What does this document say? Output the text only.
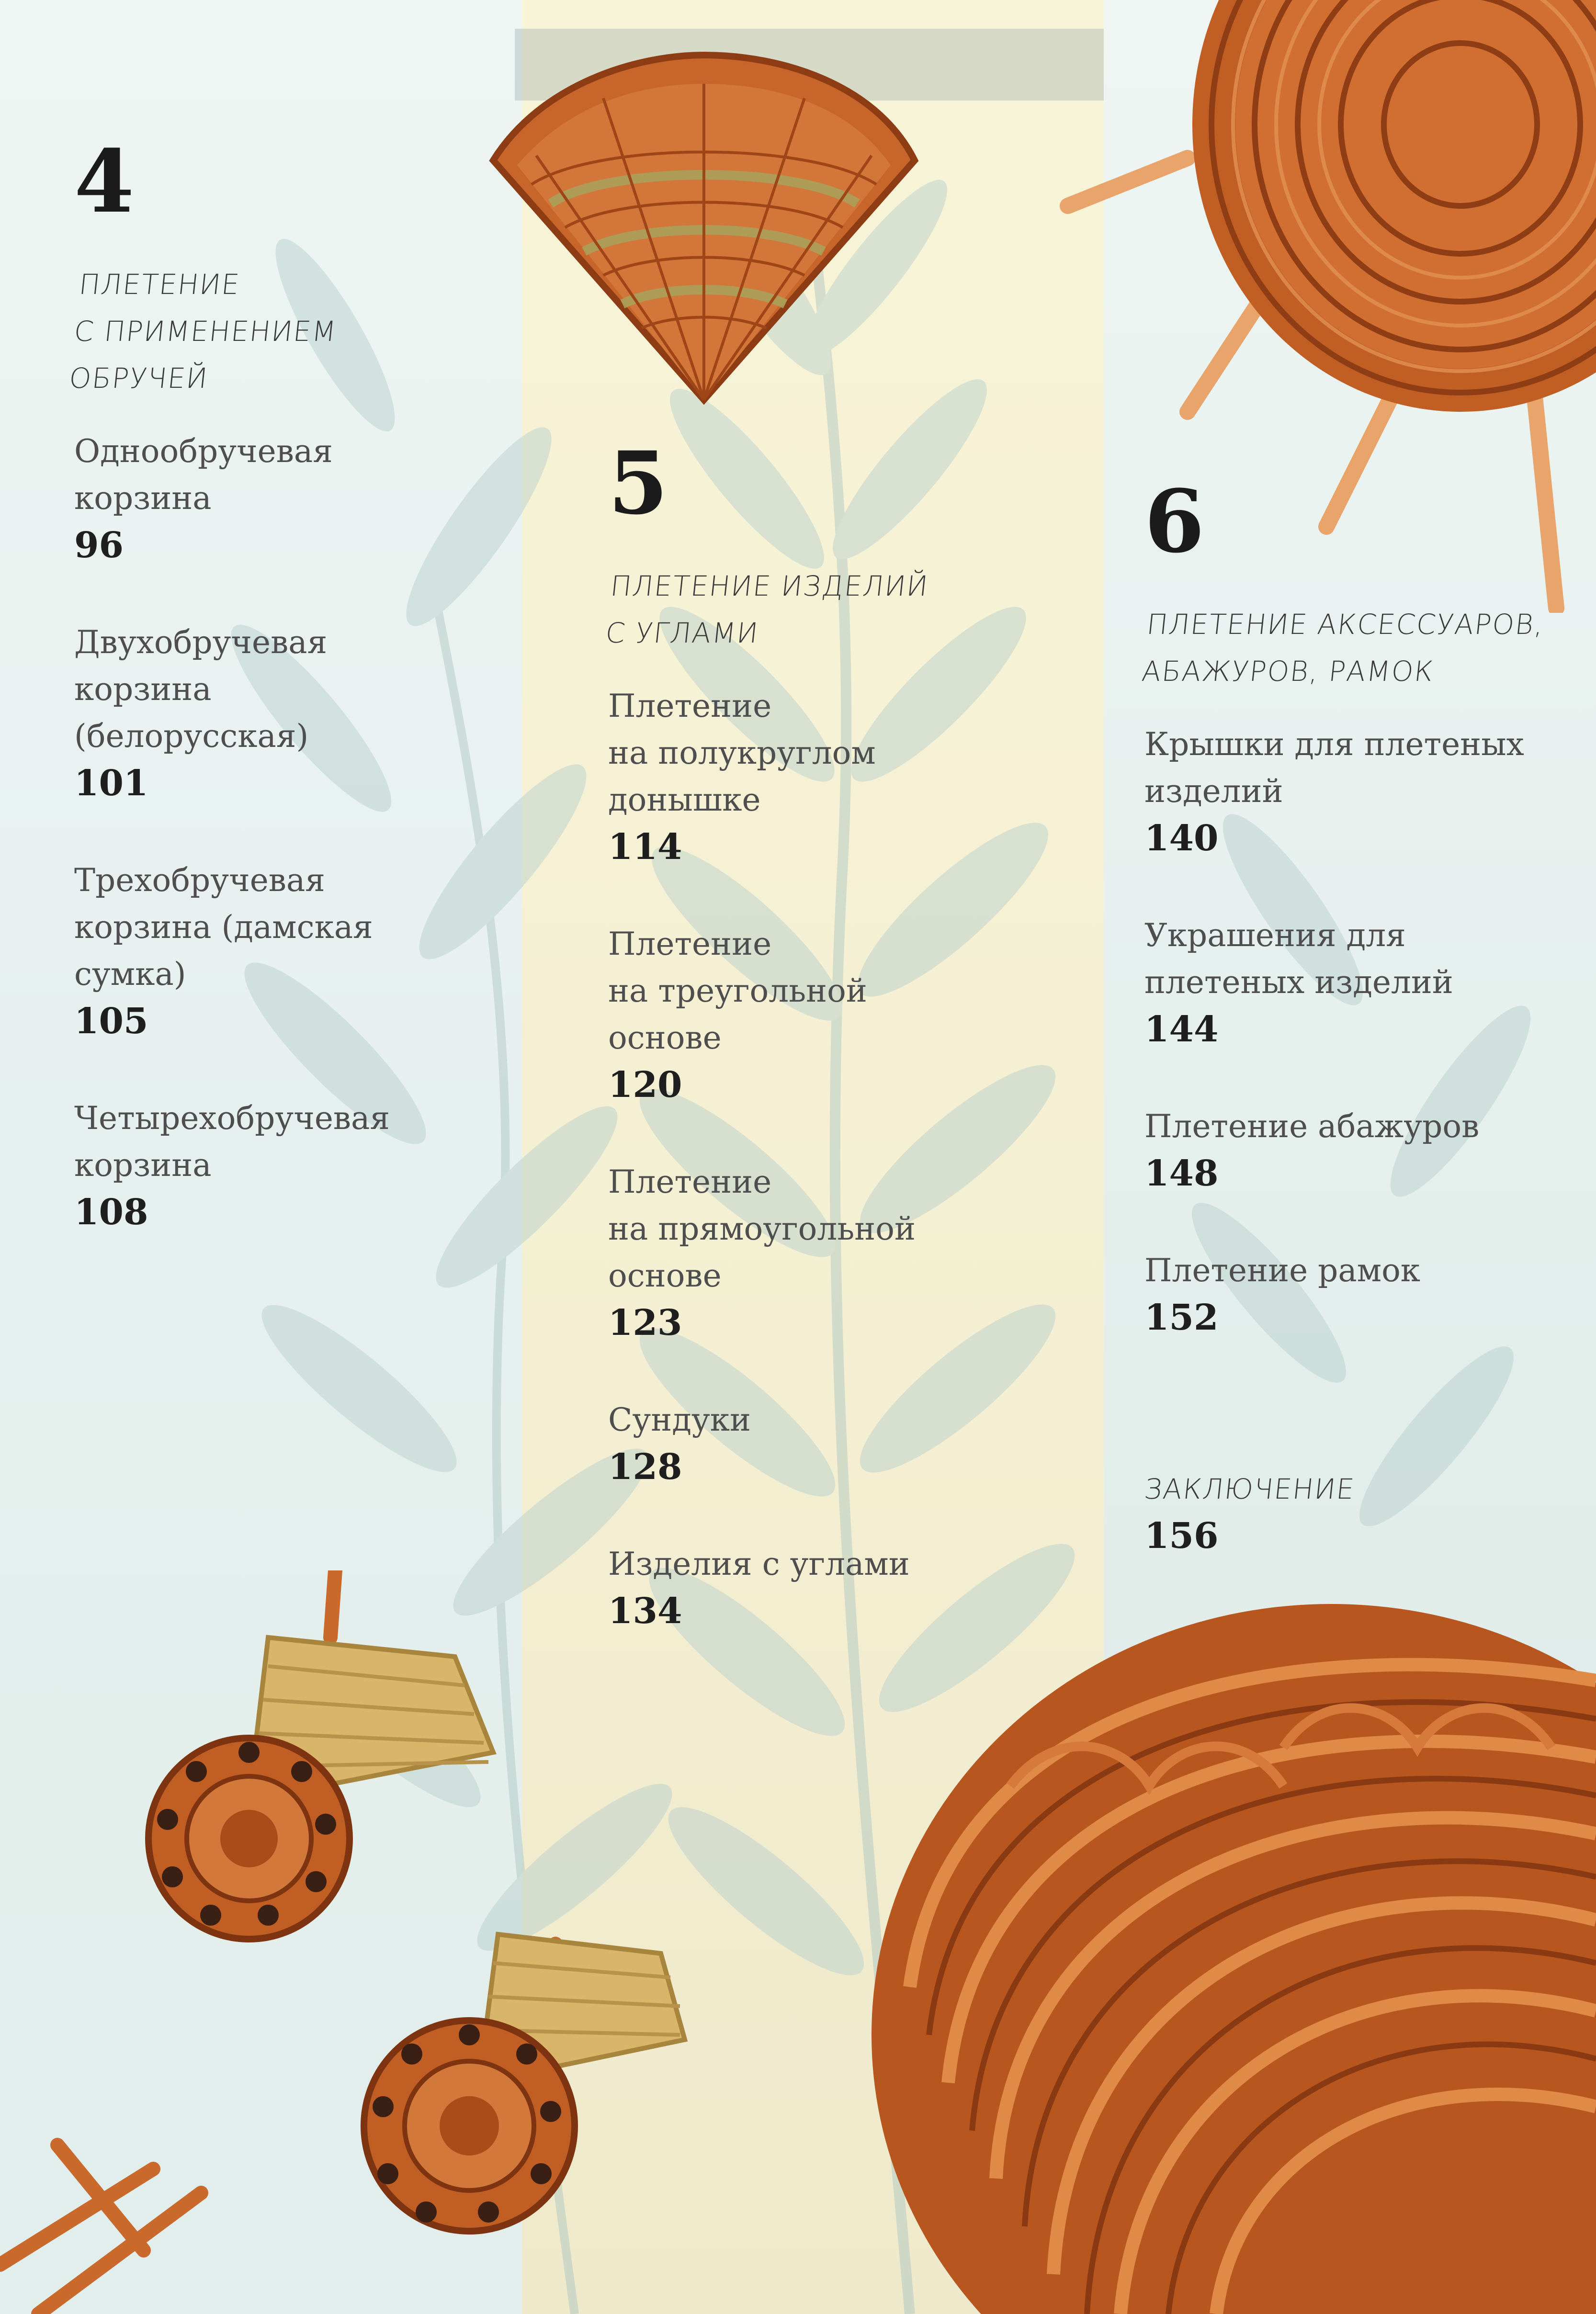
4
ПЛЕТЕНИЕ
С ПРИМЕНЕНИЕМ
ОБРУЧЕЙ
Однообручевая
корзина
96
Двухобручевая
корзина
(белорусская)
101
Трехобручевая
корзина (дамская
сумка)
105
Четырехобручевая
корзина
108
5
ПЛЕТЕНИЕ ИЗДЕЛИЙ
С УГЛАМИ
Плетение
на полукруглом
донышке
114
Плетение
на треугольной
основе
120
Плетение
на прямоугольной
основе
123
Сундуки
128
Изделия с углами
134
6
ПЛЕТЕНИЕ АКСЕССУАРОВ,
АБАЖУРОВ, РАМОК
Крышки для плетеных
изделий
140
Украшения для
плетеных изделий
144
Плетение абажуров
148
Плетение рамок
152
ЗАКЛЮЧЕНИЕ
156
